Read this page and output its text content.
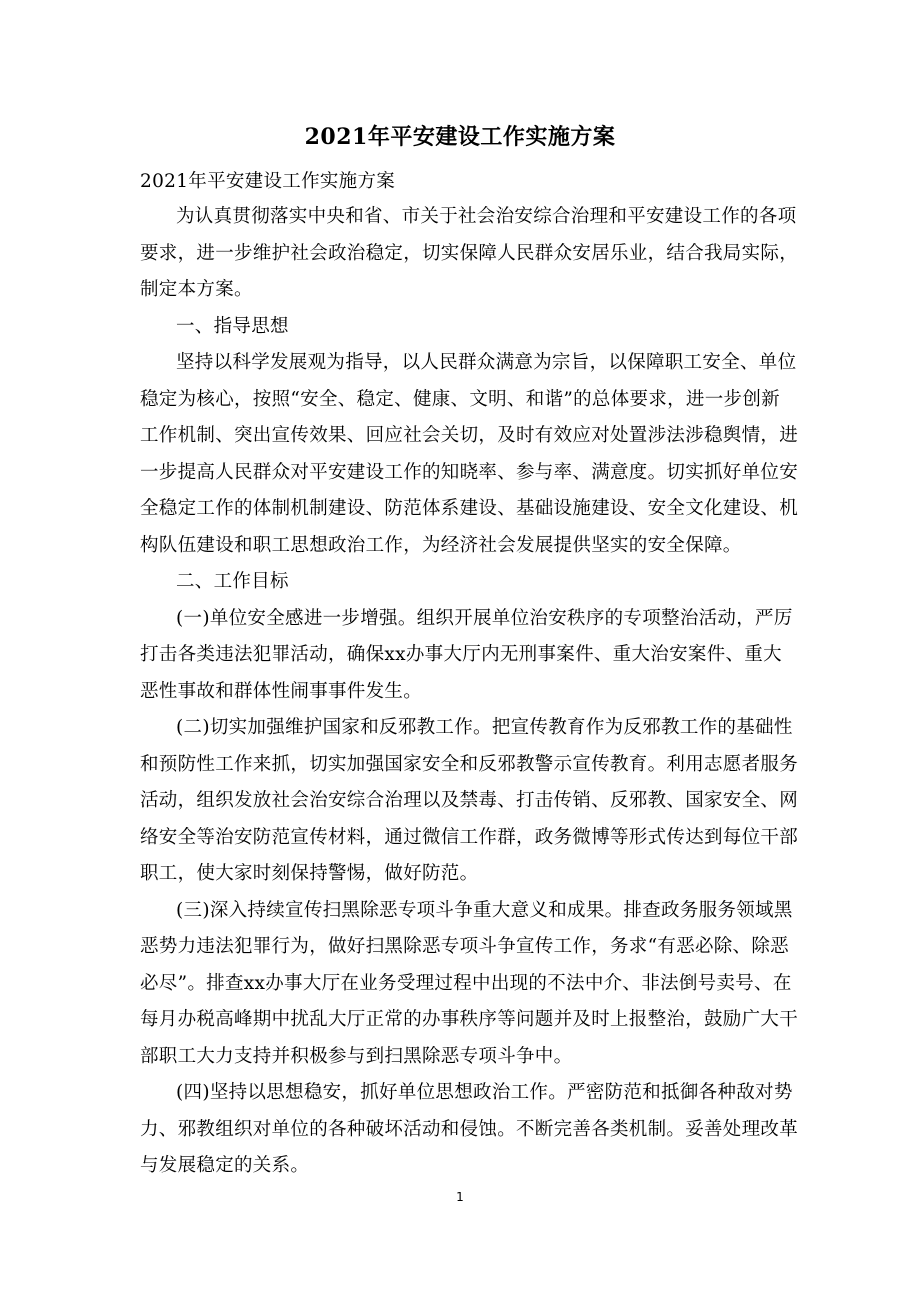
2021年平安建设工作实施方案
2021年平安建设工作实施方案
为认真贯彻落实中央和省、市关于社会治安综合治理和平安建设工作的各项
要求，进一步维护社会政治稳定，切实保障人民群众安居乐业，结合我局实际，
制定本方案。
一、指导思想
坚持以科学发展观为指导，以人民群众满意为宗旨，以保障职工安全、单位
稳定为核心，按照“安全、稳定、健康、文明、和谐”的总体要求，进一步创新
工作机制、突出宣传效果、回应社会关切，及时有效应对处置涉法涉稳舆情，进
一步提高人民群众对平安建设工作的知晓率、参与率、满意度。切实抓好单位安
全稳定工作的体制机制建设、防范体系建设、基础设施建设、安全文化建设、机
构队伍建设和职工思想政治工作，为经济社会发展提供坚实的安全保障。
二、工作目标
(一)单位安全感进一步增强。组织开展单位治安秩序的专项整治活动，严厉
打击各类违法犯罪活动，确保xx办事大厅内无刑事案件、重大治安案件、重大
恶性事故和群体性闹事事件发生。
(二)切实加强维护国家和反邪教工作。把宣传教育作为反邪教工作的基础性
和预防性工作来抓，切实加强国家安全和反邪教警示宣传教育。利用志愿者服务
活动，组织发放社会治安综合治理以及禁毒、打击传销、反邪教、国家安全、网
络安全等治安防范宣传材料，通过微信工作群，政务微博等形式传达到每位干部
职工，使大家时刻保持警惕，做好防范。
(三)深入持续宣传扫黑除恶专项斗争重大意义和成果。排查政务服务领域黑
恶势力违法犯罪行为，做好扫黑除恶专项斗争宣传工作，务求“有恶必除、除恶
必尽”。排查xx办事大厅在业务受理过程中出现的不法中介、非法倒号卖号、在
每月办税高峰期中扰乱大厅正常的办事秩序等问题并及时上报整治，鼓励广大干
部职工大力支持并积极参与到扫黑除恶专项斗争中。
(四)坚持以思想稳安，抓好单位思想政治工作。严密防范和抵御各种敌对势
力、邪教组织对单位的各种破坏活动和侵蚀。不断完善各类机制。妥善处理改革
与发展稳定的关系。
1
